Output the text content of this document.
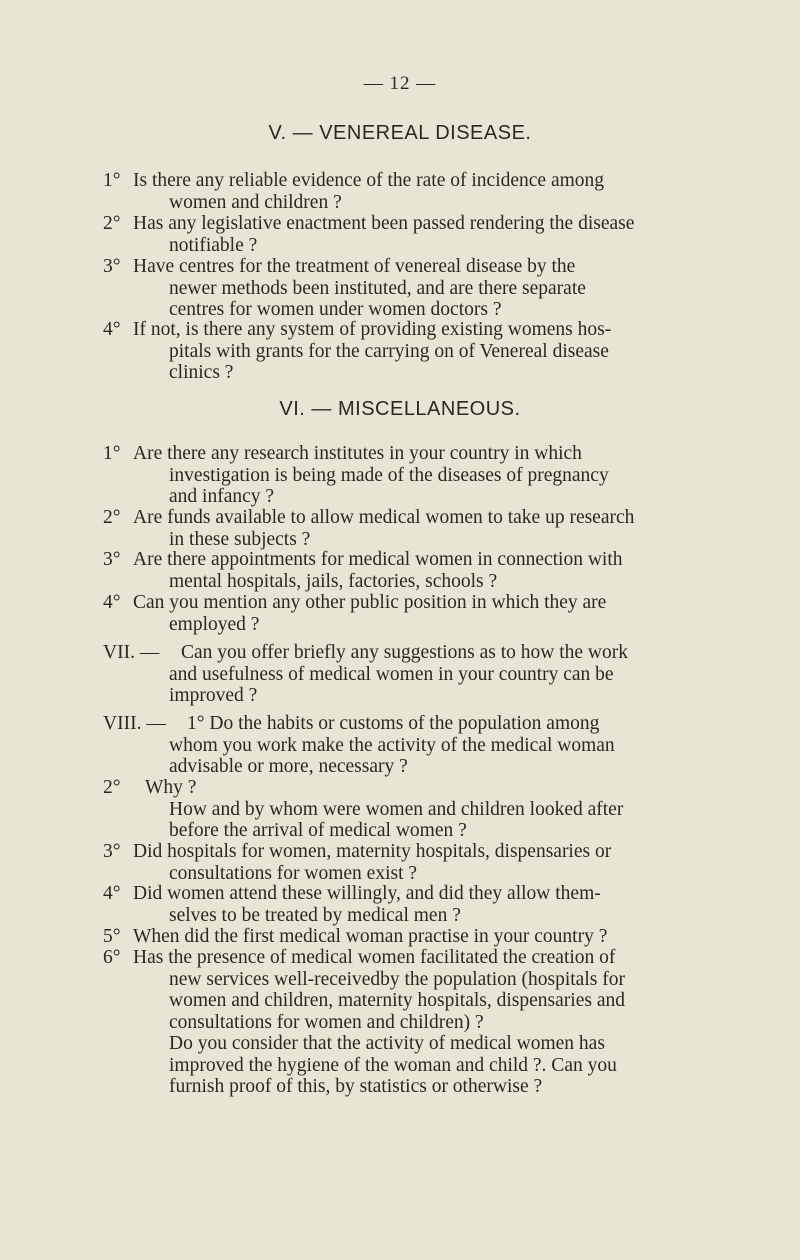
— 12 —
V. — VENEREAL DISEASE.
1° Is there any reliable evidence of the rate of incidence among
women and children ?
2° Has any legislative enactment been passed rendering the disease
notifiable ?
3° Have centres for the treatment of venereal disease by the
newer methods been instituted, and are there separate
centres for women under women doctors ?
4° If not, is there any system of providing existing womens hos-
pitals with grants for the carrying on of Venereal disease
clinics ?
VI. — MISCELLANEOUS.
1° Are there any research institutes in your country in which
investigation is being made of the diseases of pregnancy
and infancy ?
2° Are funds available to allow medical women to take up research
in these subjects ?
3° Are there appointments for medical women in connection with
mental hospitals, jails, factories, schools ?
4° Can you mention any other public position in which they are
employed ?
VII. — Can you offer briefly any suggestions as to how the work
and usefulness of medical women in your country can be
improved ?
VIII. — 1° Do the habits or customs of the population among
whom you work make the activity of the medical woman
advisable or more, necessary ?
2° Why ?
How and by whom were women and children looked after
before the arrival of medical women ?
3° Did hospitals for women, maternity hospitals, dispensaries or
consultations for women exist ?
4° Did women attend these willingly, and did they allow them-
selves to be treated by medical men ?
5° When did the first medical woman practise in your country ?
6° Has the presence of medical women facilitated the creation of
new services well-receivedby the population (hospitals for
women and children, maternity hospitals, dispensaries and
consultations for women and children) ?
Do you consider that the activity of medical women has
improved the hygiene of the woman and child ?. Can you
furnish proof of this, by statistics or otherwise ?
